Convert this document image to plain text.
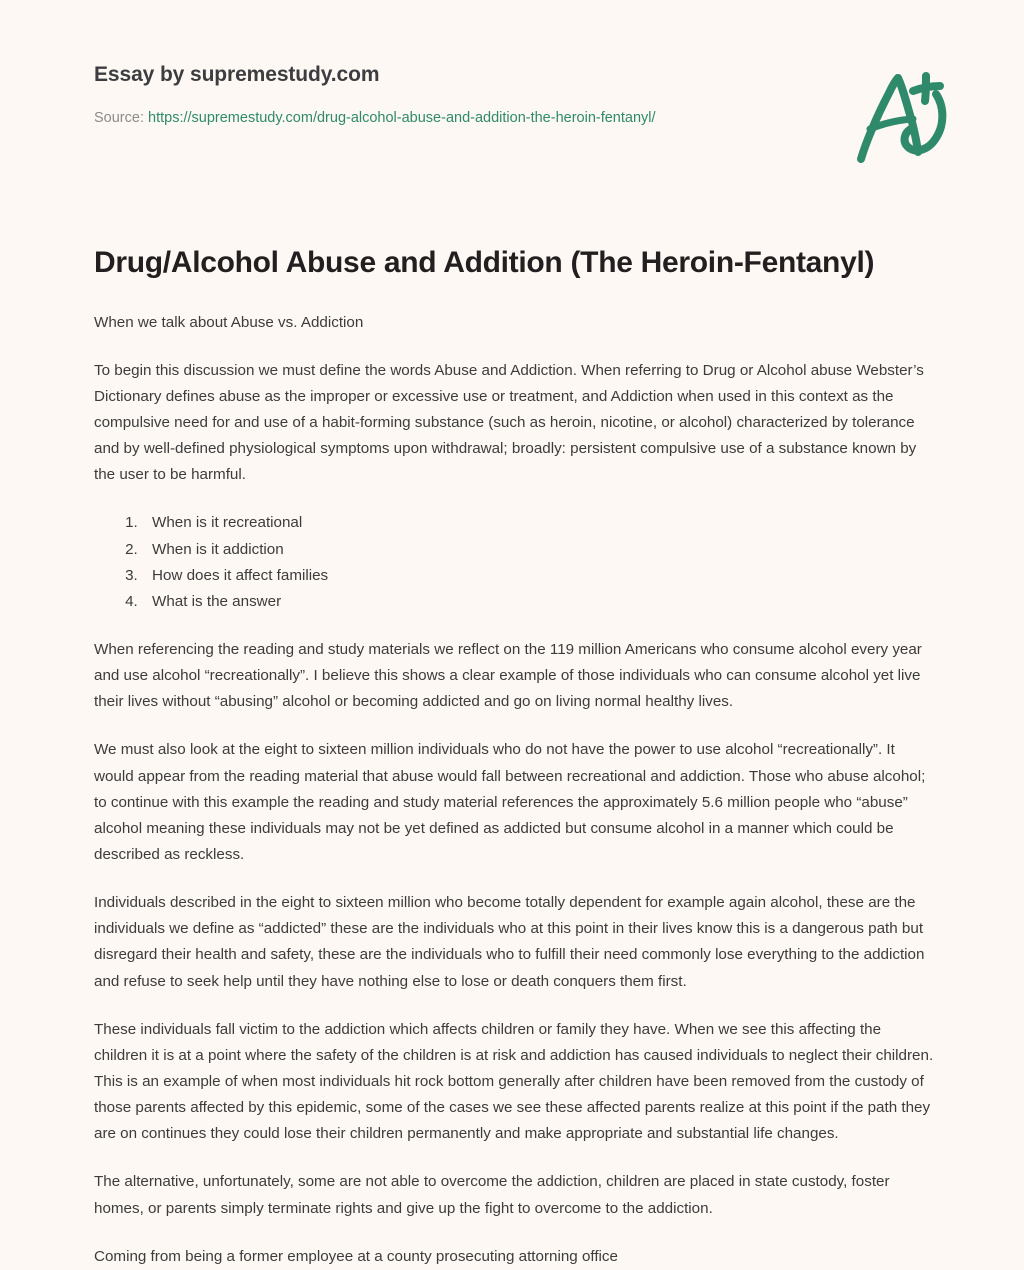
Essay by supremestudy.com
Source: https://supremestudy.com/drug-alcohol-abuse-and-addition-the-heroin-fentanyl/
Drug/Alcohol Abuse and Addition (The Heroin-Fentanyl)

When we talk about Abuse vs. Addiction

To begin this discussion we must define the words Abuse and Addiction. When referring to Drug or Alcohol abuse Webster’s Dictionary defines abuse as the improper or excessive use or treatment, and Addiction when used in this context as the compulsive need for and use of a habit-forming substance (such as heroin, nicotine, or alcohol) characterized by tolerance and by well-defined physiological symptoms upon withdrawal; broadly: persistent compulsive use of a substance known by the user to be harmful.

1. When is it recreational
2. When is it addiction
3. How does it affect families
4. What is the answer

When referencing the reading and study materials we reflect on the 119 million Americans who consume alcohol every year and use alcohol “recreationally”. I believe this shows a clear example of those individuals who can consume alcohol yet live their lives without “abusing” alcohol or becoming addicted and go on living normal healthy lives.

We must also look at the eight to sixteen million individuals who do not have the power to use alcohol “recreationally”. It would appear from the reading material that abuse would fall between recreational and addiction. Those who abuse alcohol; to continue with this example the reading and study material references the approximately 5.6 million people who “abuse” alcohol meaning these individuals may not be yet defined as addicted but consume alcohol in a manner which could be described as reckless.

Individuals described in the eight to sixteen million who become totally dependent for example again alcohol, these are the individuals we define as “addicted” these are the individuals who at this point in their lives know this is a dangerous path but disregard their health and safety, these are the individuals who to fulfill their need commonly lose everything to the addiction and refuse to seek help until they have nothing else to lose or death conquers them first.

These individuals fall victim to the addiction which affects children or family they have. When we see this affecting the children it is at a point where the safety of the children is at risk and addiction has caused individuals to neglect their children. This is an example of when most individuals hit rock bottom generally after children have been removed from the custody of those parents affected by this epidemic, some of the cases we see these affected parents realize at this point if the path they are on continues they could lose their children permanently and make appropriate and substantial life changes.

The alternative, unfortunately, some are not able to overcome the addiction, children are placed in state custody, foster homes, or parents simply terminate rights and give up the fight to overcome to the addiction.

Coming from being a former employee at a county prosecuting attorning office
